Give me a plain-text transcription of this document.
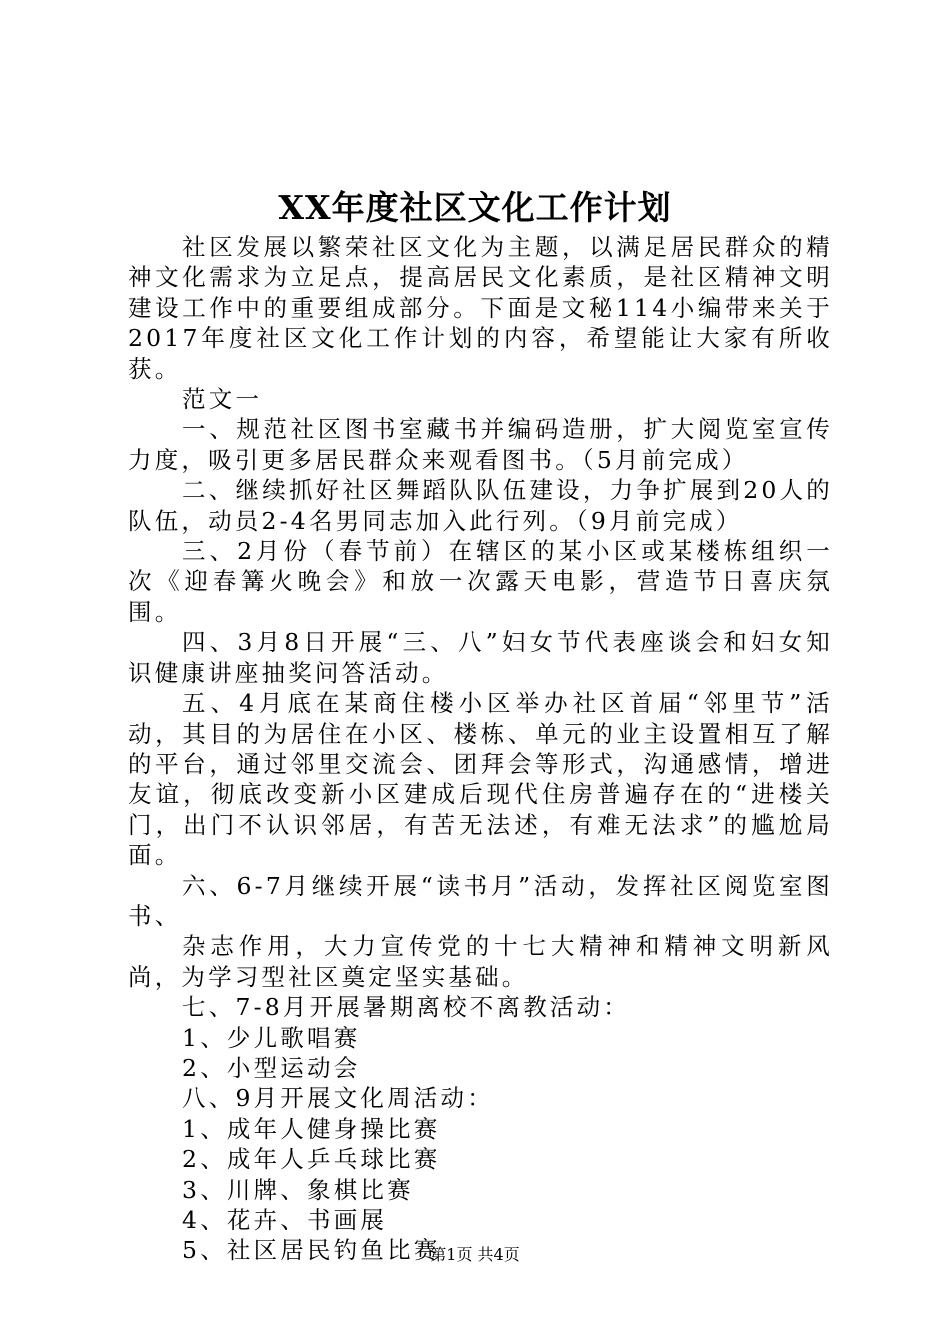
XX年度社区文化工作计划

社区发展以繁荣社区文化为主题，以满足居民群众的精神文化需求为立足点，提高居民文化素质，是社区精神文明建设工作中的重要组成部分。下面是文秘114小编带来关于2017年度社区文化工作计划的内容，希望能让大家有所收获。

范文一

一、规范社区图书室藏书并编码造册，扩大阅览室宣传力度，吸引更多居民群众来观看图书。（5月前完成）

二、继续抓好社区舞蹈队队伍建设，力争扩展到20人的队伍，动员2-4名男同志加入此行列。（9月前完成）

三、2月份（春节前）在辖区的某小区或某楼栋组织一次《迎春篝火晚会》和放一次露天电影，营造节日喜庆氛围。

四、3月8日开展“三、八”妇女节代表座谈会和妇女知识健康讲座抽奖问答活动。

五、4月底在某商住楼小区举办社区首届“邻里节”活动，其目的为居住在小区、楼栋、单元的业主设置相互了解的平台，通过邻里交流会、团拜会等形式，沟通感情，增进友谊，彻底改变新小区建成后现代住房普遍存在的“进楼关门，出门不认识邻居，有苦无法述，有难无法求”的尴尬局面。

六、6-7月继续开展“读书月”活动，发挥社区阅览室图书、

杂志作用，大力宣传党的十七大精神和精神文明新风尚，为学习型社区奠定坚实基础。

七、7-8月开展暑期离校不离教活动：

1、少儿歌唱赛

2、小型运动会

八、9月开展文化周活动：

1、成年人健身操比赛

2、成年人乒乓球比赛

3、川牌、象棋比赛

4、花卉、书画展

5、社区居民钓鱼比赛

第1页 共4页
